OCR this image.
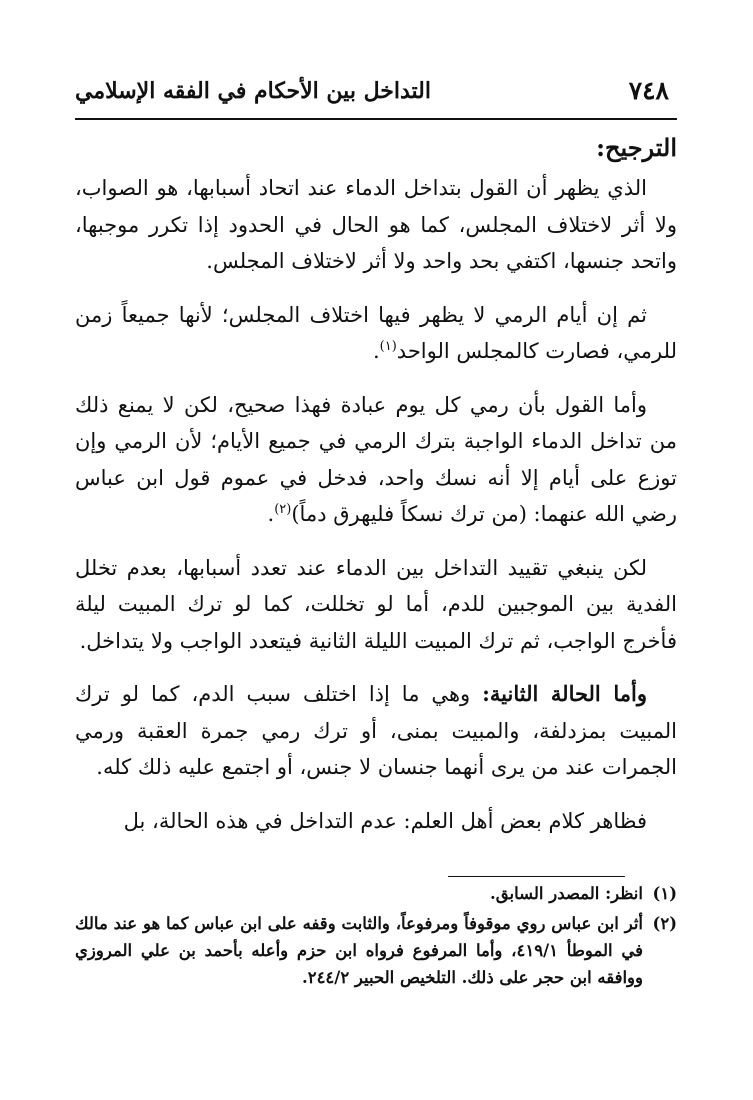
٧٤٨
التداخل بين الأحكام في الفقه الإسلامي
الترجيح:

الذي يظهر أن القول بتداخل الدماء عند اتحاد أسبابها، هو الصواب، ولا أثر لاختلاف المجلس، كما هو الحال في الحدود إذا تكرر موجبها، واتحد جنسها، اكتفي بحد واحد ولا أثر لاختلاف المجلس.

ثم إن أيام الرمي لا يظهر فيها اختلاف المجلس؛ لأنها جميعاً زمن للرمي، فصارت كالمجلس الواحد$^{(١)}$.

وأما القول بأن رمي كل يوم عبادة فهذا صحيح، لكن لا يمنع ذلك من تداخل الدماء الواجبة بترك الرمي في جميع الأيام؛ لأن الرمي وإن توزع على أيام إلا أنه نسك واحد، فدخل في عموم قول ابن عباس رضي الله عنهما: (من ترك نسكاً فليهرق دماً)$^{(٢)}$.

لكن ينبغي تقييد التداخل بين الدماء عند تعدد أسبابها، بعدم تخلل الفدية بين الموجبين للدم، أما لو تخللت، كما لو ترك المبيت ليلة فأخرج الواجب، ثم ترك المبيت الليلة الثانية فيتعدد الواجب ولا يتداخل.

وأما الحالة الثانية: وهي ما إذا اختلف سبب الدم، كما لو ترك المبيت بمزدلفة، والمبيت بمنى، أو ترك رمي جمرة العقبة ورمي الجمرات عند من يرى أنهما جنسان لا جنس، أو اجتمع عليه ذلك كله.

فظاهر كلام بعض أهل العلم: عدم التداخل في هذه الحالة، بل

(١)
انظر: المصدر السابق.
(٢)
أثر ابن عباس روي موقوفاً ومرفوعاً، والثابت وقفه على ابن عباس كما هو عند مالك في الموطأ ٤١٩/١، وأما المرفوع فرواه ابن حزم وأعله بأحمد بن علي المروزي ووافقه ابن حجر على ذلك. التلخيص الحبير ٢٤٤/٢.
